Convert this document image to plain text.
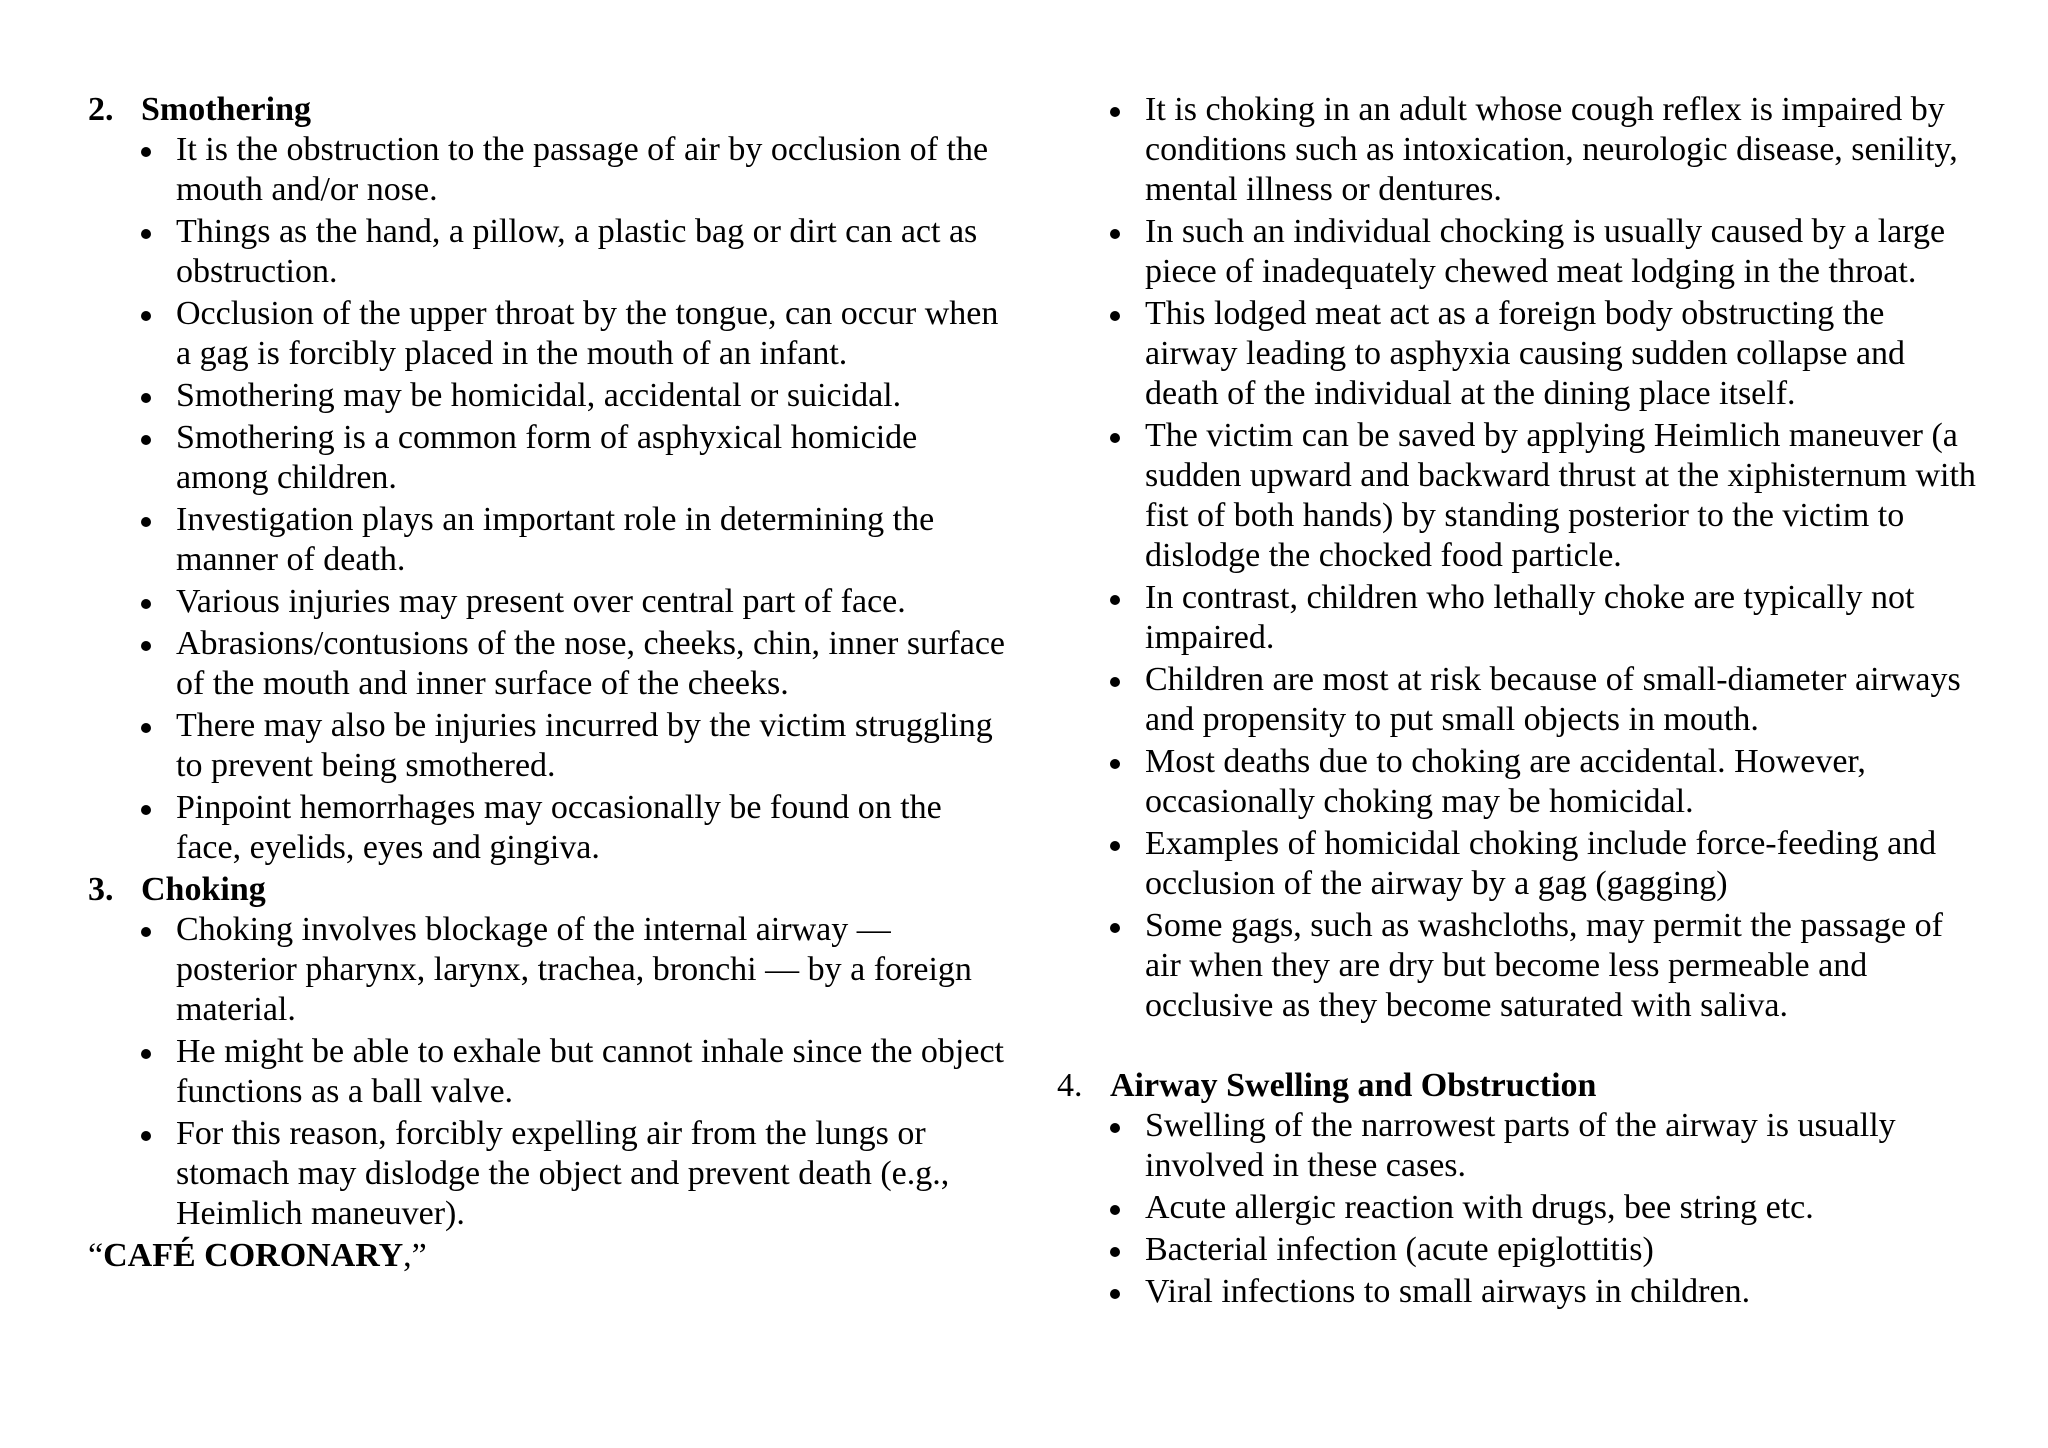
2. Smothering
It is the obstruction to the passage of air by occlusion of the mouth and/or nose.
Things as the hand, a pillow, a plastic bag or dirt can act as obstruction.
Occlusion of the upper throat by the tongue, can occur when a gag is forcibly placed in the mouth of an infant.
Smothering may be homicidal, accidental or suicidal.
Smothering is a common form of asphyxical homicide among children.
Investigation plays an important role in determining the manner of death.
Various injuries may present over central part of face.
Abrasions/contusions of the nose, cheeks, chin, inner surface of the mouth and inner surface of the cheeks.
There may also be injuries incurred by the victim struggling to prevent being smothered.
Pinpoint hemorrhages may occasionally be found on the face, eyelids, eyes and gingiva.
3. Choking
Choking involves blockage of the internal airway — posterior pharynx, larynx, trachea, bronchi — by a foreign material.
He might be able to exhale but cannot inhale since the object functions as a ball valve.
For this reason, forcibly expelling air from the lungs or stomach may dislodge the object and prevent death (e.g., Heimlich maneuver).
“CAFÉ CORONARY,”
It is choking in an adult whose cough reflex is impaired by conditions such as intoxication, neurologic disease, senility, mental illness or dentures.
In such an individual chocking is usually caused by a large piece of inadequately chewed meat lodging in the throat.
This lodged meat act as a foreign body obstructing the airway leading to asphyxia causing sudden collapse and death of the individual at the dining place itself.
The victim can be saved by applying Heimlich maneuver (a sudden upward and backward thrust at the xiphisternum with fist of both hands) by standing posterior to the victim to dislodge the chocked food particle.
In contrast, children who lethally choke are typically not impaired.
Children are most at risk because of small-diameter airways and propensity to put small objects in mouth.
Most deaths due to choking are accidental. However, occasionally choking may be homicidal.
Examples of homicidal choking include force-feeding and occlusion of the airway by a gag (gagging)
Some gags, such as washcloths, may permit the passage of air when they are dry but become less permeable and occlusive as they become saturated with saliva.
4. Airway Swelling and Obstruction
Swelling of the narrowest parts of the airway is usually involved in these cases.
Acute allergic reaction with drugs, bee string etc.
Bacterial infection (acute epiglottitis)
Viral infections to small airways in children.
